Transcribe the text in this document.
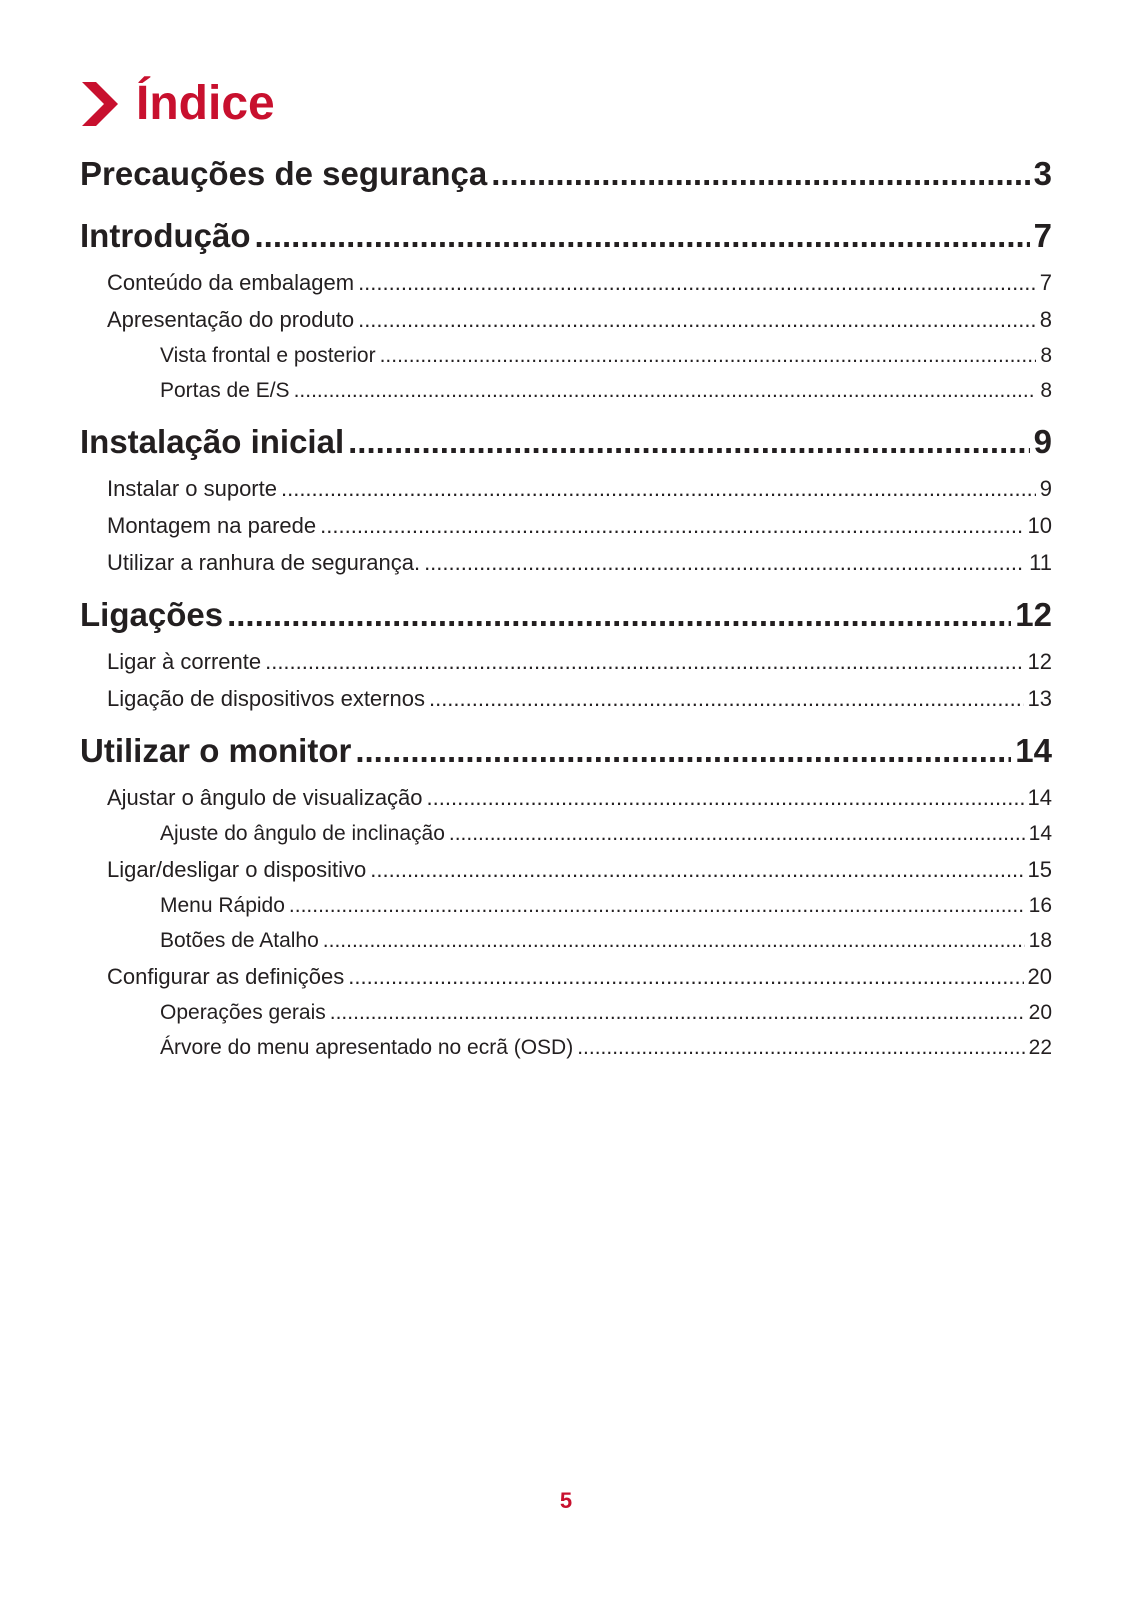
Índice
Precauções de segurança .....	3
Introdução .....	7
Conteúdo da embalagem .....	7
Apresentação do produto .....	8
Vista frontal e posterior .....	8
Portas de E/S .....	8
Instalação inicial .....	9
Instalar o suporte .....	9
Montagem na parede .....	10
Utilizar a ranhura de segurança. .....	11
Ligações .....	12
Ligar à corrente .....	12
Ligação de dispositivos externos .....	13
Utilizar o monitor .....	14
Ajustar o ângulo de visualização .....	14
Ajuste do ângulo de inclinação .....	14
Ligar/desligar o dispositivo .....	15
Menu Rápido .....	16
Botões de Atalho .....	18
Configurar as definições .....	20
Operações gerais .....	20
Árvore do menu apresentado no ecrã (OSD) .....	22
5
